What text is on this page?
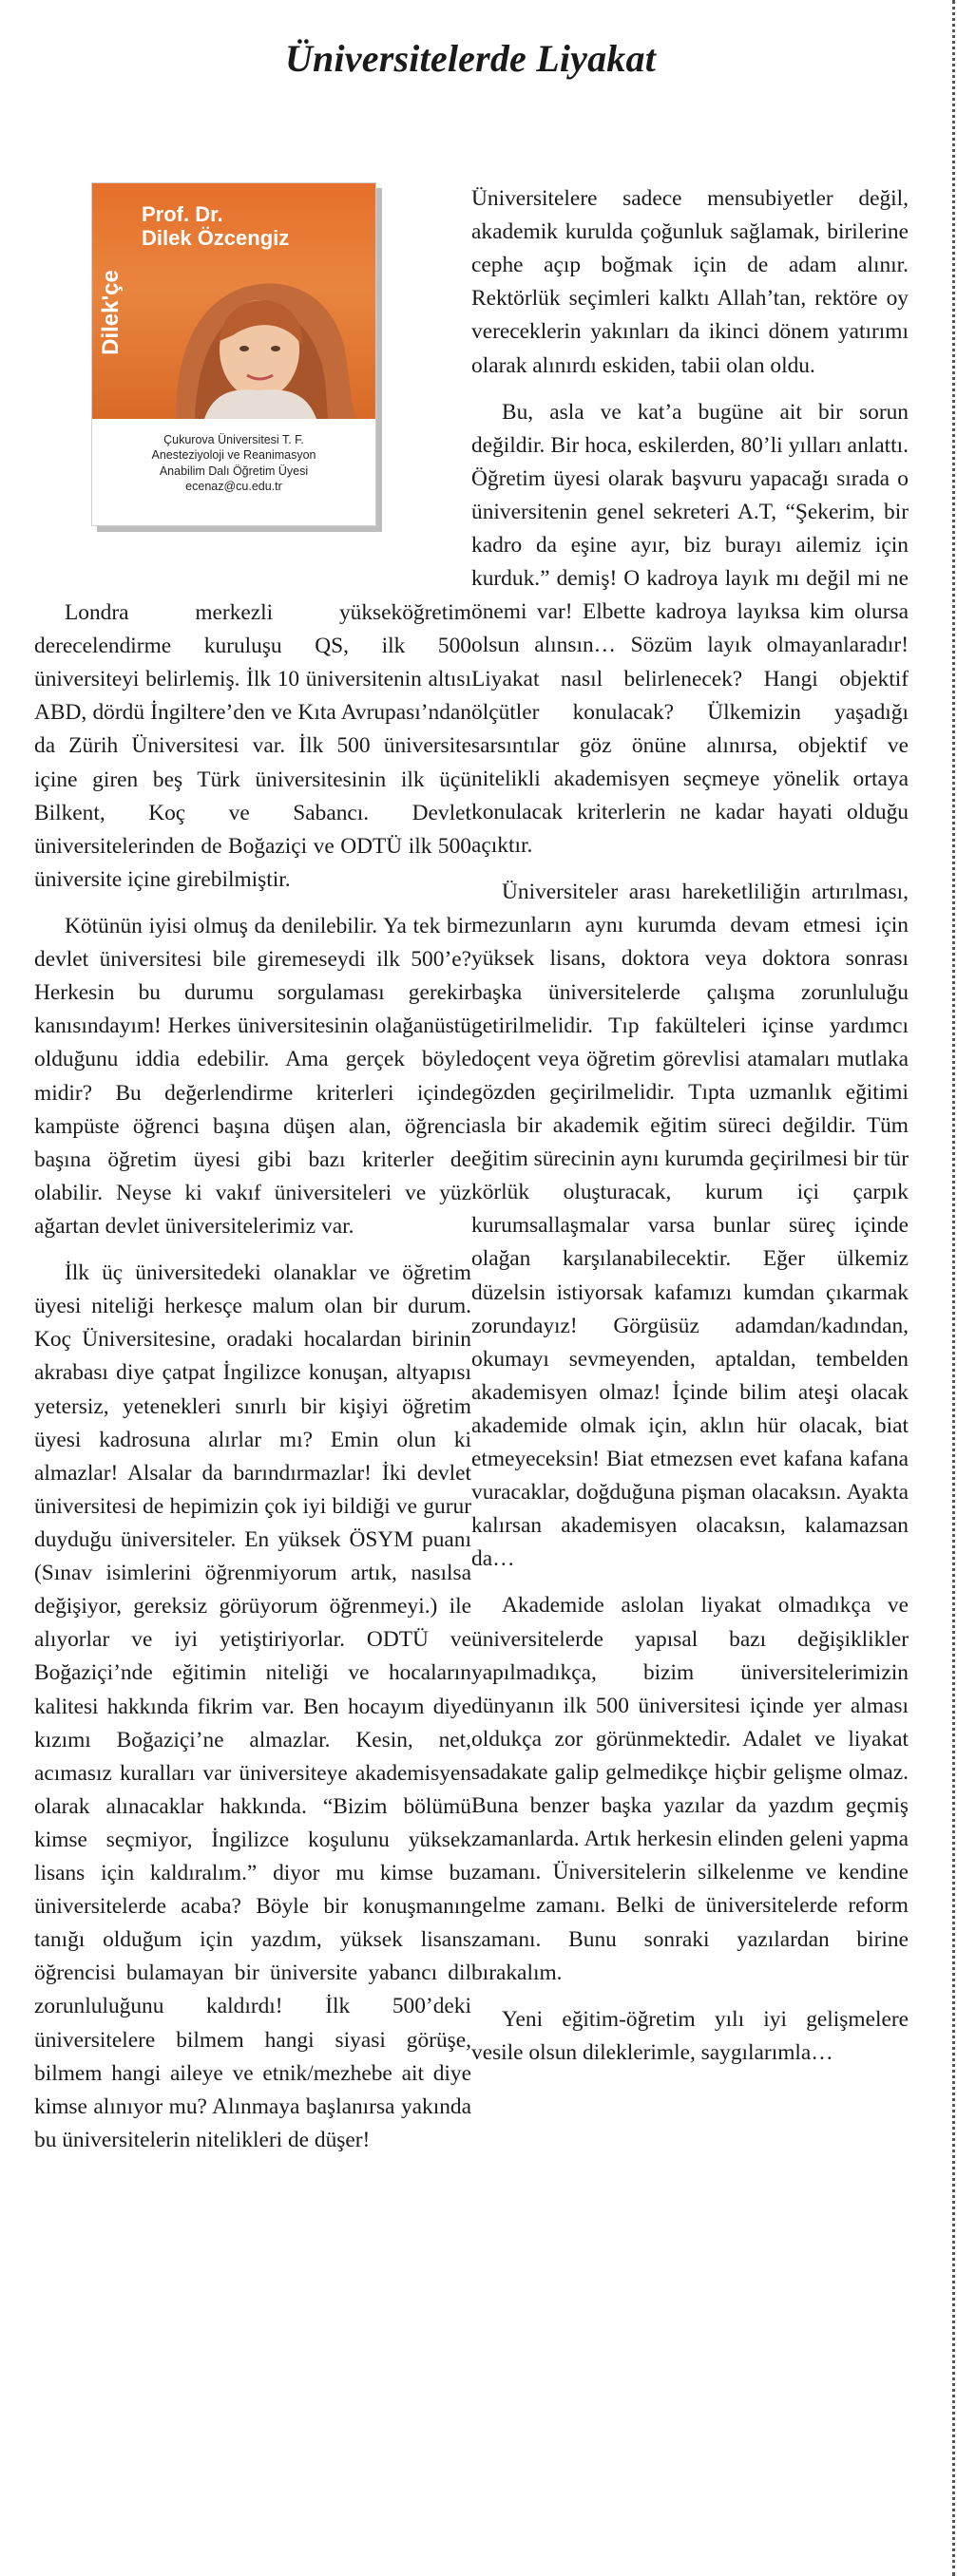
Üniversitelerde Liyakat
Dilek'çe
Prof. Dr.
Dilek Özcengiz
Çukurova Üniversitesi T. F.
Anesteziyoloji ve Reanimasyon
Anabilim Dalı Öğretim Üyesi
ecenaz@cu.edu.tr

Londra merkezli yükseköğretim derecelendirme kuruluşu QS, ilk 500 üniversiteyi belirlemiş. İlk 10 üniversitenin altısı ABD, dördü İngiltere’den ve Kıta Avrupası’ndan da Zürih Üniversitesi var. İlk 500 üniversite içine giren beş Türk üniversitesinin ilk üçü Bilkent, Koç ve Sabancı. Devlet üniversitelerinden de Boğaziçi ve ODTÜ ilk 500 üniversite içine girebilmiştir.

Kötünün iyisi olmuş da denilebilir. Ya tek bir devlet üniversitesi bile giremeseydi ilk 500’e? Herkesin bu durumu sorgulaması gerekir kanısındayım! Herkes üniversitesinin olağanüstü olduğunu iddia edebilir. Ama gerçek böyle midir? Bu değerlendirme kriterleri içinde kampüste öğrenci başına düşen alan, öğrenci başına öğretim üyesi gibi bazı kriterler de olabilir. Neyse ki vakıf üniversiteleri ve yüz ağartan devlet üniversitelerimiz var.

İlk üç üniversitedeki olanaklar ve öğretim üyesi niteliği herkesçe malum olan bir durum. Koç Üniversitesine, oradaki hocalardan birinin akrabası diye çatpat İngilizce konuşan, altyapısı yetersiz, yetenekleri sınırlı bir kişiyi öğretim üyesi kadrosuna alırlar mı? Emin olun ki almazlar! Alsalar da barındırmazlar! İki devlet üniversitesi de hepimizin çok iyi bildiği ve gurur duyduğu üniversiteler. En yüksek ÖSYM puanı (Sınav isimlerini öğrenmiyorum artık, nasılsa değişiyor, gereksiz görüyorum öğrenmeyi.) ile alıyorlar ve iyi yetiştiriyorlar. ODTÜ ve Boğaziçi’nde eğitimin niteliği ve hocaların kalitesi hakkında fikrim var. Ben hocayım diye kızımı Boğaziçi’ne almazlar. Kesin, net, acımasız kuralları var üniversiteye akademisyen olarak alınacaklar hakkında. “Bizim bölümü kimse seçmiyor, İngilizce koşulunu yüksek lisans için kaldıralım.” diyor mu kimse bu üniversitelerde acaba? Böyle bir konuşmanın tanığı olduğum için yazdım, yüksek lisans öğrencisi bulamayan bir üniversite yabancı dil zorunluluğunu kaldırdı! İlk 500’deki üniversitelere bilmem hangi siyasi görüşe, bilmem hangi aileye ve etnik/mezhebe ait diye kimse alınıyor mu? Alınmaya başlanırsa yakında bu üniversitelerin nitelikleri de düşer!

Üniversitelere sadece mensubiyetler değil, akademik kurulda çoğunluk sağlamak, birilerine cephe açıp boğmak için de adam alınır. Rektörlük seçimleri kalktı Allah’tan, rektöre oy vereceklerin yakınları da ikinci dönem yatırımı olarak alınırdı eskiden, tabii olan oldu.

Bu, asla ve kat’a bugüne ait bir sorun değildir. Bir hoca, eskilerden, 80’li yılları anlattı. Öğretim üyesi olarak başvuru yapacağı sırada o üniversitenin genel sekreteri A.T, “Şekerim, bir kadro da eşine ayır, biz burayı ailemiz için kurduk.” demiş! O kadroya layık mı değil mi ne önemi var! Elbette kadroya layıksa kim olursa olsun alınsın… Sözüm layık olmayanlaradır! Liyakat nasıl belirlenecek? Hangi objektif ölçütler konulacak? Ülkemizin yaşadığı sarsıntılar göz önüne alınırsa, objektif ve nitelikli akademisyen seçmeye yönelik ortaya konulacak kriterlerin ne kadar hayati olduğu açıktır.

Üniversiteler arası hareketliliğin artırılması, mezunların aynı kurumda devam etmesi için yüksek lisans, doktora veya doktora sonrası başka üniversitelerde çalışma zorunluluğu getirilmelidir. Tıp fakülteleri içinse yardımcı doçent veya öğretim görevlisi atamaları mutlaka gözden geçirilmelidir. Tıpta uzmanlık eğitimi asla bir akademik eğitim süreci değildir. Tüm eğitim sürecinin aynı kurumda geçirilmesi bir tür körlük oluşturacak, kurum içi çarpık kurumsallaşmalar varsa bunlar süreç içinde olağan karşılanabilecektir. Eğer ülkemiz düzelsin istiyorsak kafamızı kumdan çıkarmak zorundayız! Görgüsüz adamdan/kadından, okumayı sevmeyenden, aptaldan, tembelden akademisyen olmaz! İçinde bilim ateşi olacak akademide olmak için, aklın hür olacak, biat etmeyeceksin! Biat etmezsen evet kafana kafana vuracaklar, doğduğuna pişman olacaksın. Ayakta kalırsan akademisyen olacaksın, kalamazsan da…

Akademide aslolan liyakat olmadıkça ve üniversitelerde yapısal bazı değişiklikler yapılmadıkça, bizim üniversitelerimizin dünyanın ilk 500 üniversitesi içinde yer alması oldukça zor görünmektedir. Adalet ve liyakat sadakate galip gelmedikçe hiçbir gelişme olmaz. Buna benzer başka yazılar da yazdım geçmiş zamanlarda. Artık herkesin elinden geleni yapma zamanı. Üniversitelerin silkelenme ve kendine gelme zamanı. Belki de üniversitelerde reform zamanı. Bunu sonraki yazılardan birine bırakalım.

Yeni eğitim-öğretim yılı iyi gelişmelere vesile olsun dileklerimle, saygılarımla…
